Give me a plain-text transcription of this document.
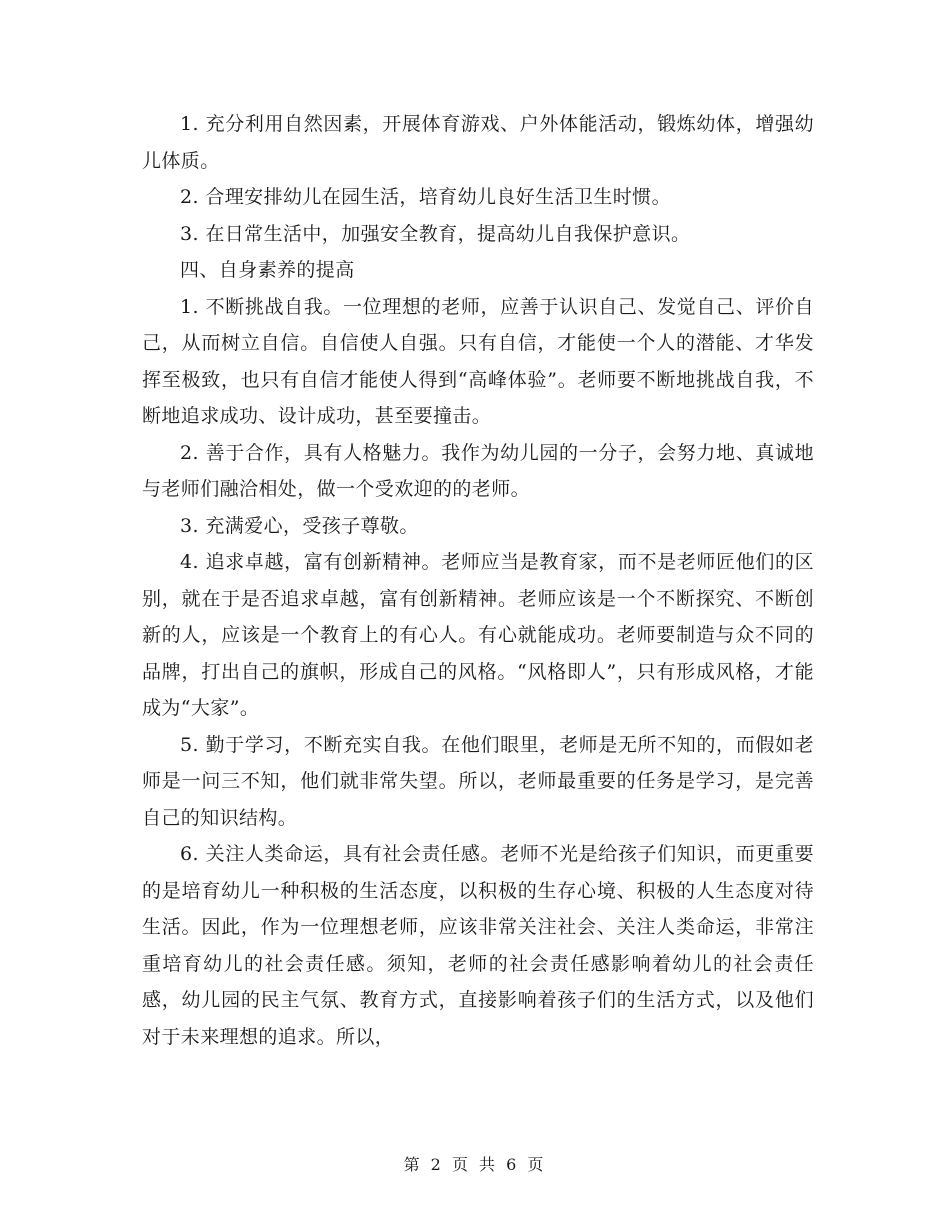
1. 充分利用自然因素，开展体育游戏、户外体能活动，锻炼幼体，增强幼儿体质。

2. 合理安排幼儿在园生活，培育幼儿良好生活卫生时惯。

3. 在日常生活中，加强安全教育，提高幼儿自我保护意识。

四、自身素养的提高

1. 不断挑战自我。一位理想的老师，应善于认识自己、发觉自己、评价自己，从而树立自信。自信使人自强。只有自信，才能使一个人的潜能、才华发挥至极致，也只有自信才能使人得到“高峰体验”。老师要不断地挑战自我，不断地追求成功、设计成功，甚至要撞击。

2. 善于合作，具有人格魅力。我作为幼儿园的一分子，会努力地、真诚地与老师们融洽相处，做一个受欢迎的的老师。

3. 充满爱心，受孩子尊敬。

4. 追求卓越，富有创新精神。老师应当是教育家，而不是老师匠他们的区别，就在于是否追求卓越，富有创新精神。老师应该是一个不断探究、不断创新的人，应该是一个教育上的有心人。有心就能成功。老师要制造与众不同的品牌，打出自己的旗帜，形成自己的风格。“风格即人”，只有形成风格，才能成为“大家”。

5. 勤于学习，不断充实自我。在他们眼里，老师是无所不知的，而假如老师是一问三不知，他们就非常失望。所以，老师最重要的任务是学习，是完善自己的知识结构。

6. 关注人类命运，具有社会责任感。老师不光是给孩子们知识，而更重要的是培育幼儿一种积极的生活态度，以积极的生存心境、积极的人生态度对待生活。因此，作为一位理想老师，应该非常关注社会、关注人类命运，非常注重培育幼儿的社会责任感。须知，老师的社会责任感影响着幼儿的社会责任感，幼儿园的民主气氛、教育方式，直接影响着孩子们的生活方式，以及他们对于未来理想的追求。所以，

第 2 页 共 6 页
